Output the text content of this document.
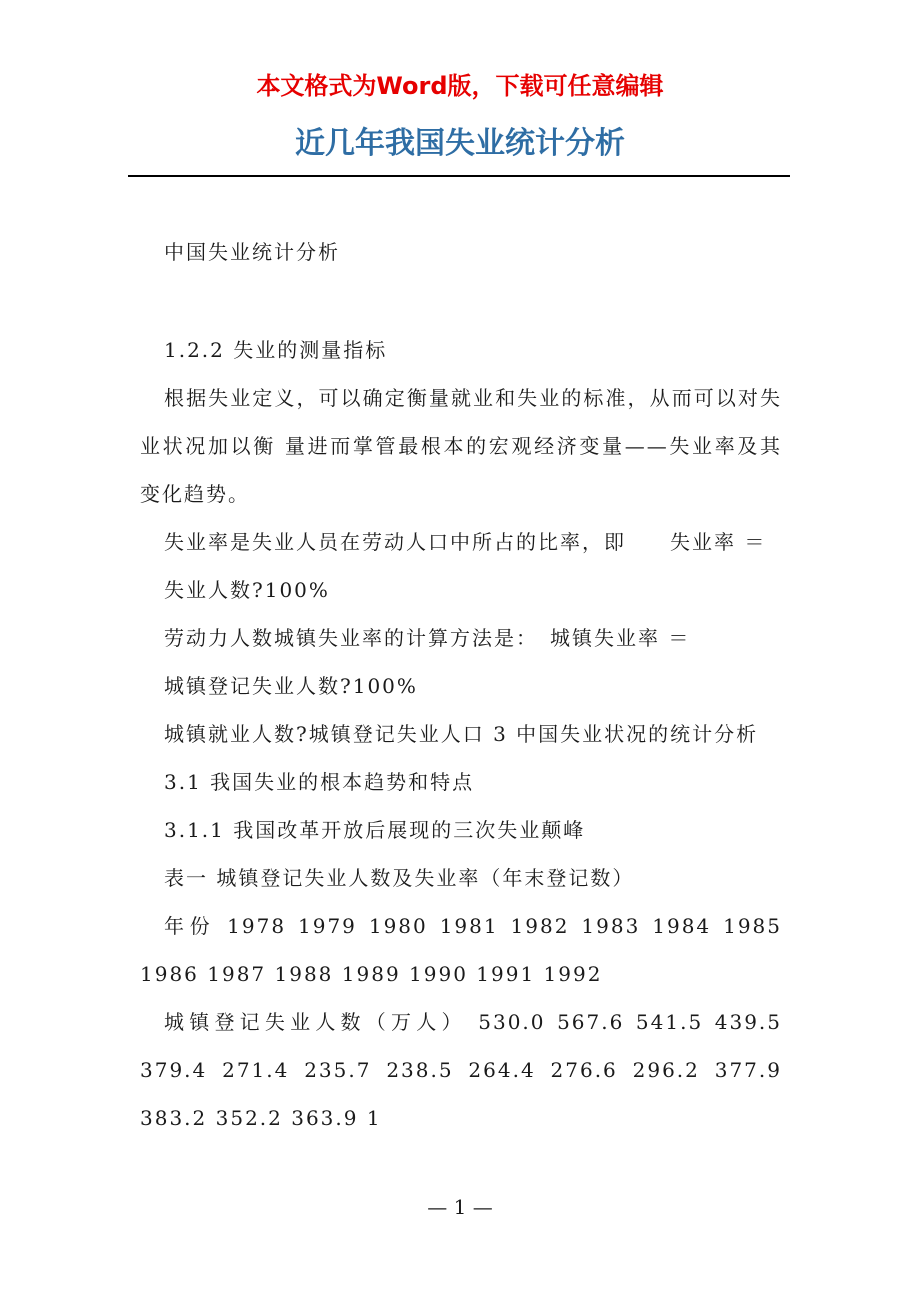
本文格式为Word版，下载可任意编辑
近几年我国失业统计分析

中国失业统计分析

1.2.2 失业的测量指标

根据失业定义，可以确定衡量就业和失业的标准，从而可以对失业状况加以衡 量进而掌管最根本的宏观经济变量——失业率及其变化趋势。

失业率是失业人员在劳动人口中所占的比率，即　　失业率 ＝

失业人数?100%

劳动力人数城镇失业率的计算方法是：　城镇失业率 ＝

城镇登记失业人数?100%

城镇就业人数?城镇登记失业人口 3 中国失业状况的统计分析

3.1 我国失业的根本趋势和特点

3.1.1 我国改革开放后展现的三次失业颠峰

表一 城镇登记失业人数及失业率（年末登记数）

年份 1978 1979 1980 1981 1982 1983 1984 1985 1986 1987 1988 1989 1990 1991 1992

城镇登记失业人数（万人） 530.0 567.6 541.5 439.5 379.4 271.4 235.7 238.5 264.4 276.6 296.2 377.9 383.2 352.2 363.9 1

— 1 —
